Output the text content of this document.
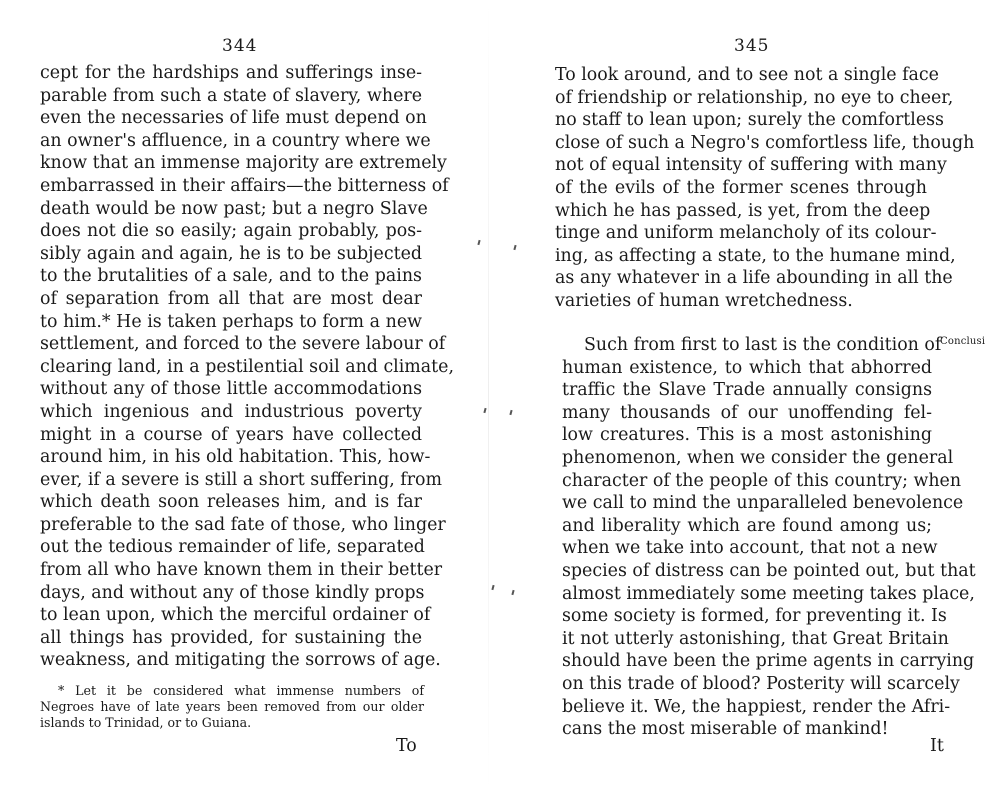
344
cept for the hardships and sufferings inse-
parable from such a state of slavery, where
even the necessaries of life must depend on
an owner's affluence, in a country where we
know that an immense majority are extremely
embarrassed in their affairs—the bitterness of
death would be now past; but a negro Slave
does not die so easily; again probably, pos-
sibly again and again, he is to be subjected
to the brutalities of a sale, and to the pains
of separation from all that are most dear
to him.* He is taken perhaps to form a new
settlement, and forced to the severe labour of
clearing land, in a pestilential soil and climate,
without any of those little accommodations
which ingenious and industrious poverty
might in a course of years have collected
around him, in his old habitation. This, how-
ever, if a severe is still a short suffering, from
which death soon releases him, and is far
preferable to the sad fate of those, who linger
out the tedious remainder of life, separated
from all who have known them in their better
days, and without any of those kindly props
to lean upon, which the merciful ordainer of
all things has provided, for sustaining the
weakness, and mitigating the sorrows of age.
* Let it be considered what immense numbers of
Negroes have of late years been removed from our older
islands to Trinidad, or to Guiana.
To
345
To look around, and to see not a single face
of friendship or relationship, no eye to cheer,
no staff to lean upon; surely the comfortless
close of such a Negro's comfortless life, though
not of equal intensity of suffering with many
of the evils of the former scenes through
which he has passed, is yet, from the deep
tinge and uniform melancholy of its colour-
ing, as affecting a state, to the humane mind,
as any whatever in a life abounding in all the
varieties of human wretchedness.
Such from first to last is the condition of
human existence, to which that abhorred
traffic the Slave Trade annually consigns
many thousands of our unoffending fel-
low creatures. This is a most astonishing
phenomenon, when we consider the general
character of the people of this country; when
we call to mind the unparalleled benevolence
and liberality which are found among us;
when we take into account, that not a new
species of distress can be pointed out, but that
almost immediately some meeting takes place,
some society is formed, for preventing it. Is
it not utterly astonishing, that Great Britain
should have been the prime agents in carrying
on this trade of blood? Posterity will scarcely
believe it. We, the happiest, render the Afri-
cans the most miserable of mankind!
It
Conclusi
